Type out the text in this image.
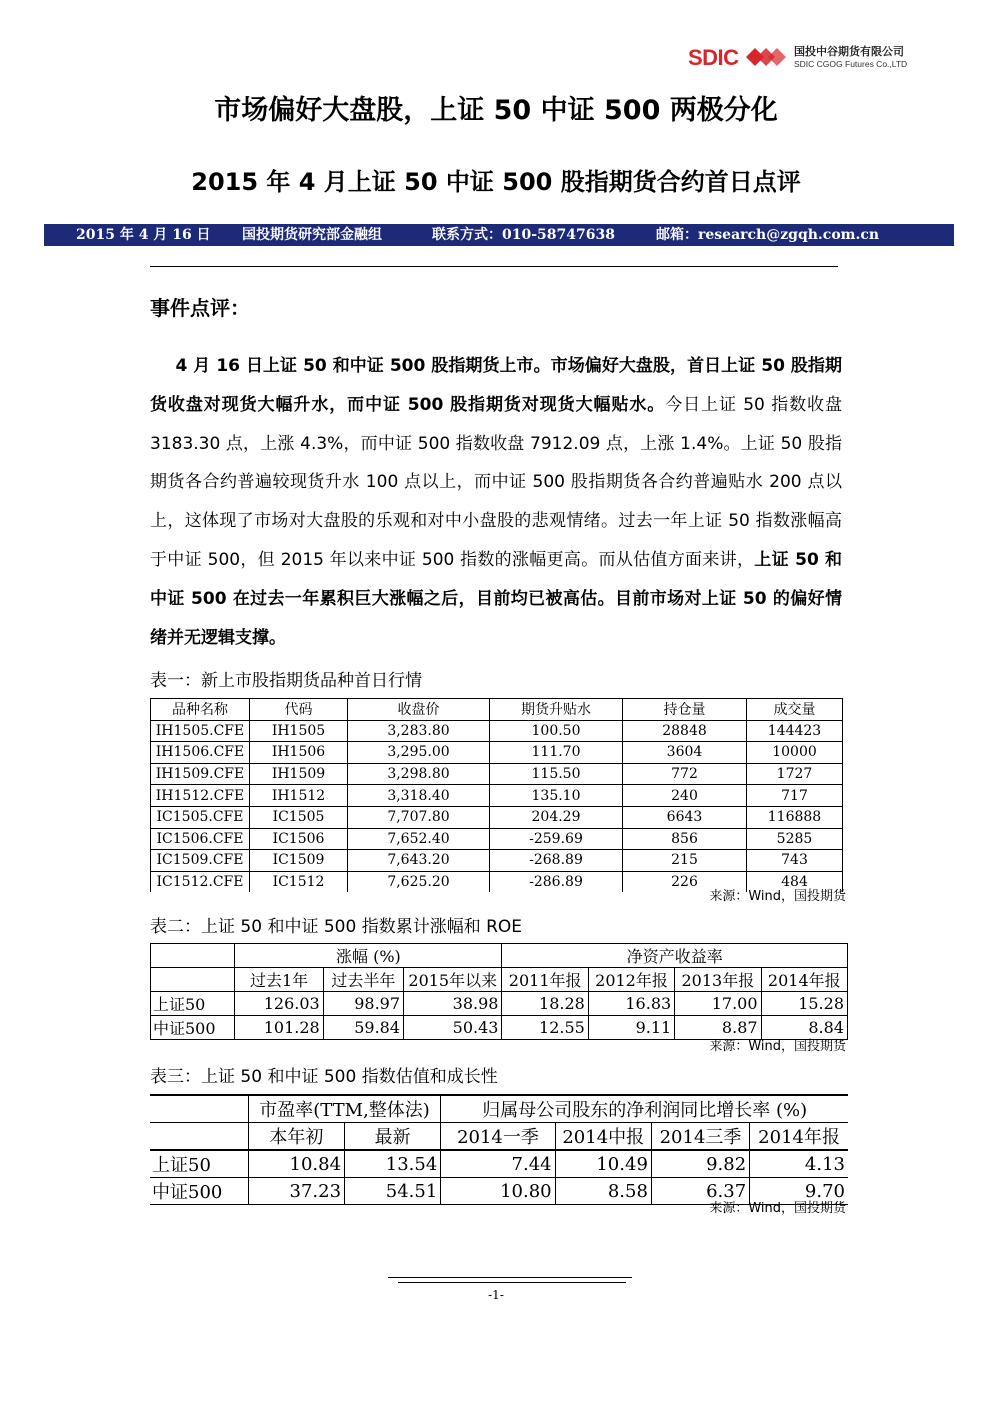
SDIC	国投中谷期货有限公司
SDIC CGOG Futures Co.,LTD
市场偏好大盘股，上证 50 中证 500 两极分化
2015 年 4 月上证 50 中证 500 股指期货合约首日点评
2015 年 4 月 16 日 国投期货研究部金融组	联系方式：010-58747638	邮箱：research@zgqh.com.cn
事件点评：

  4 月 16 日上证 50 和中证 500 股指期货上市。市场偏好大盘股，首日上证 50 股指期货收盘对现货大幅升水，而中证 500 股指期货对现货大幅贴水。今日上证 50 指数收盘 3183.30 点，上涨 4.3%，而中证 500 指数收盘 7912.09 点，上涨 1.4%。上证 50 股指期货各合约普遍较现货升水 100 点以上，而中证 500 股指期货各合约普遍贴水 200 点以上，这体现了市场对大盘股的乐观和对中小盘股的悲观情绪。过去一年上证 50 指数涨幅高于中证 500，但 2015 年以来中证 500 指数的涨幅更高。而从估值方面来讲，上证 50 和中证 500 在过去一年累积巨大涨幅之后，目前均已被高估。目前市场对上证 50 的偏好情绪并无逻辑支撑。

表一：新上市股指期货品种首日行情
品种名称	代码	收盘价	期货升贴水	持仓量	成交量
IH1505.CFE	IH1505	3,283.80	100.50	28848	144423
IH1506.CFE	IH1506	3,295.00	111.70	3604	10000
IH1509.CFE	IH1509	3,298.80	115.50	772	1727
IH1512.CFE	IH1512	3,318.40	135.10	240	717
IC1505.CFE	IC1505	7,707.80	204.29	6643	116888
IC1506.CFE	IC1506	7,652.40	-259.69	856	5285
IC1509.CFE	IC1509	7,643.20	-268.89	215	743
IC1512.CFE	IC1512	7,625.20	-286.89	226	484
来源：Wind，国投期货
表二：上证 50 和中证 500 指数累计涨幅和 ROE
	涨幅 (%)			净资产收益率			
	过去1年	过去半年	2015年以来	2011年报	2012年报	2013年报	2014年报
上证50	126.03	98.97	38.98	18.28	16.83	17.00	15.28
中证500	101.28	59.84	50.43	12.55	9.11	8.87	8.84
来源：Wind，国投期货
表三：上证 50 和中证 500 指数估值和成长性
	市盈率(TTM,整体法)		归属母公司股东的净利润同比增长率 (%)			
	本年初	最新	2014一季	2014中报	2014三季	2014年报
上证50	10.84	13.54	7.44	10.49	9.82	4.13
中证500	37.23	54.51	10.80	8.58	6.37	9.70
来源：Wind，国投期货
-1-
